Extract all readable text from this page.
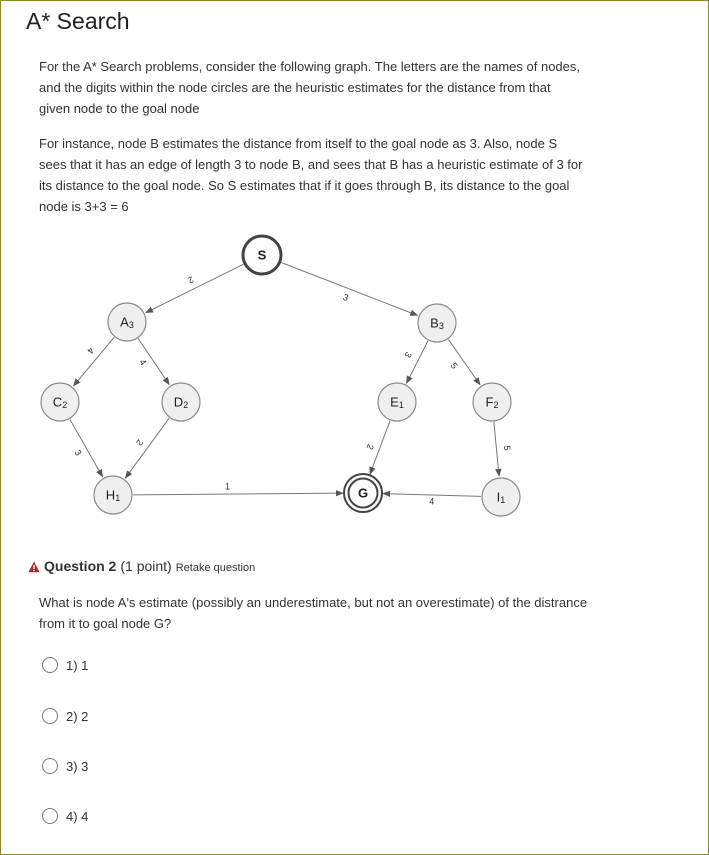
A* Search

For the A* Search problems, consider the following graph. The letters are the names of nodes, and the digits within the node circles are the heuristic estimates for the distance from that given node to the goal node

For instance, node B estimates the distance from itself to the goal node as 3. Also, node S sees that it has an edge of length 3 to node B, and sees that B has a heuristic estimate of 3 for its distance to the goal node. So S estimates that if it goes through B, its distance to the goal node is 3+3 = 6

2
3
4
4
3
5
3
2	2	5
1
4
S
$A_3$	$B_3$
$C_2$	$D_2$	$E_1$	$F_2$
$H_1$	G	$I_1$
Question 2 (1 point) Retake question

What is node A's estimate (possibly an underestimate, but not an overestimate) of the distrance from it to goal node G?

1) 1
2) 2
3) 3
4) 4
